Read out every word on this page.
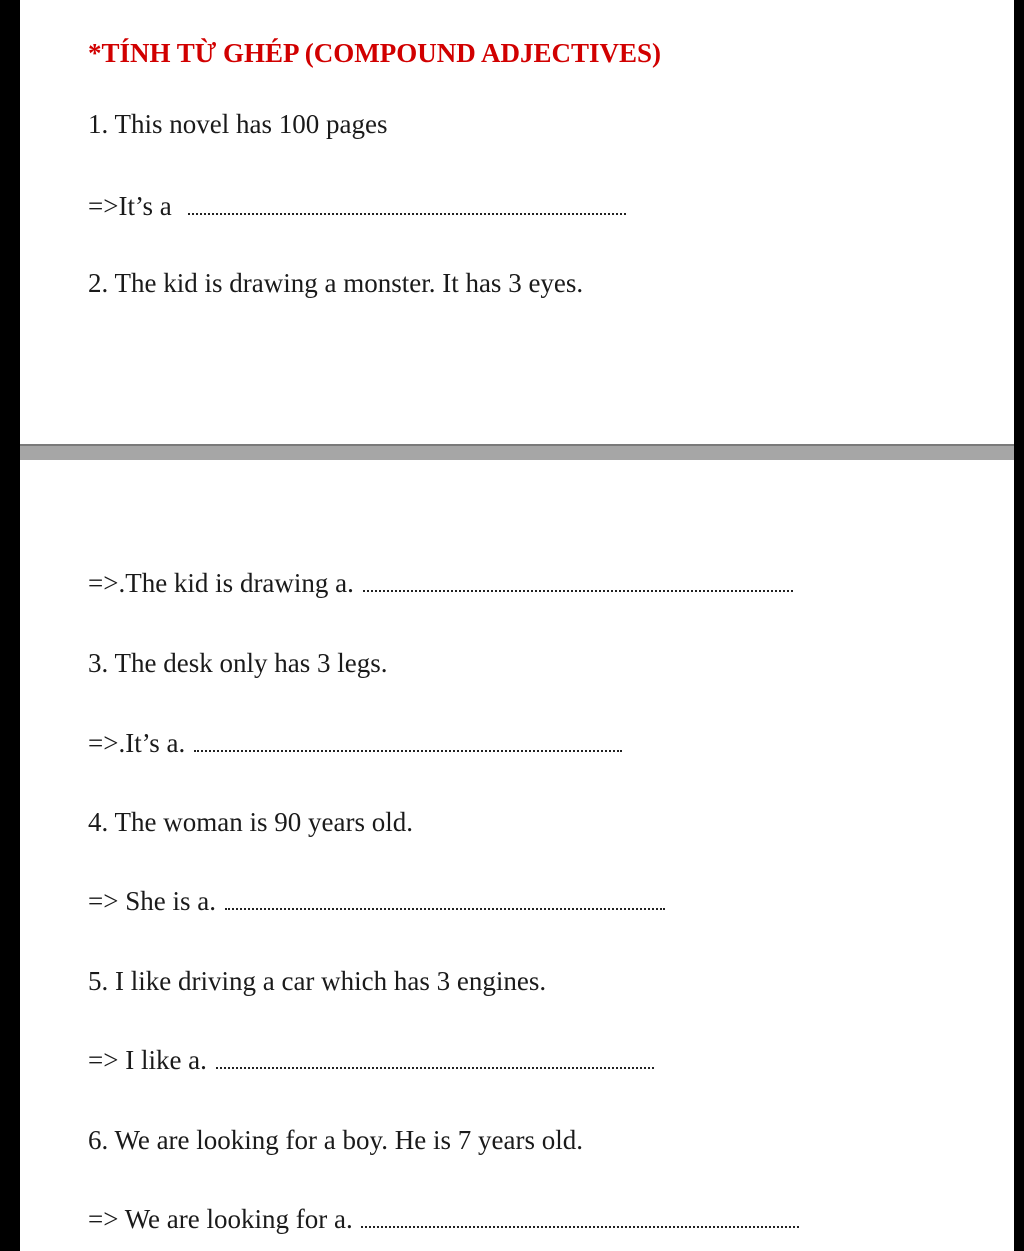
*TÍNH TỪ GHÉP (COMPOUND ADJECTIVES)
1. This novel has 100 pages
=>It’s a
2. The kid is drawing a monster. It has 3 eyes.
=>.The kid is drawing a.
3. The desk only has 3 legs.
=>.It’s a.
4. The woman is 90 years old.
=> She is a.
5. I like driving a car which has 3 engines.
=> I like a.
6. We are looking for a boy. He is 7 years old.
=> We are looking for a.
